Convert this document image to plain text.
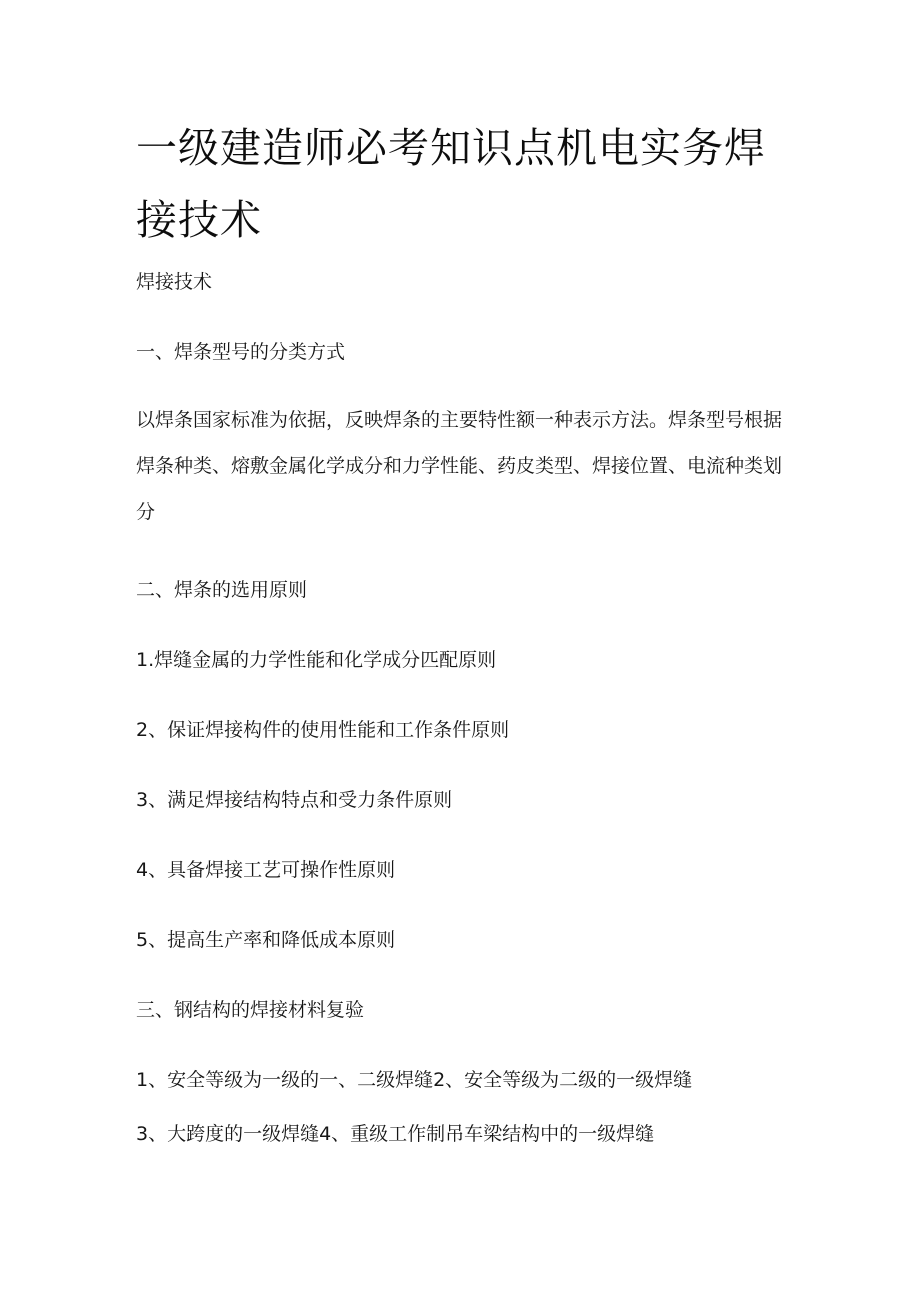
一级建造师必考知识点机电实务焊接技术

焊接技术

一、焊条型号的分类方式

以焊条国家标准为依据，反映焊条的主要特性额一种表示方法。焊条型号根据焊条种类、熔敷金属化学成分和力学性能、药皮类型、焊接位置、电流种类划分

二、焊条的选用原则

1.焊缝金属的力学性能和化学成分匹配原则

2、保证焊接构件的使用性能和工作条件原则

3、满足焊接结构特点和受力条件原则

4、具备焊接工艺可操作性原则

5、提高生产率和降低成本原则

三、钢结构的焊接材料复验

1、安全等级为一级的一、二级焊缝2、安全等级为二级的一级焊缝

3、大跨度的一级焊缝4、重级工作制吊车梁结构中的一级焊缝
